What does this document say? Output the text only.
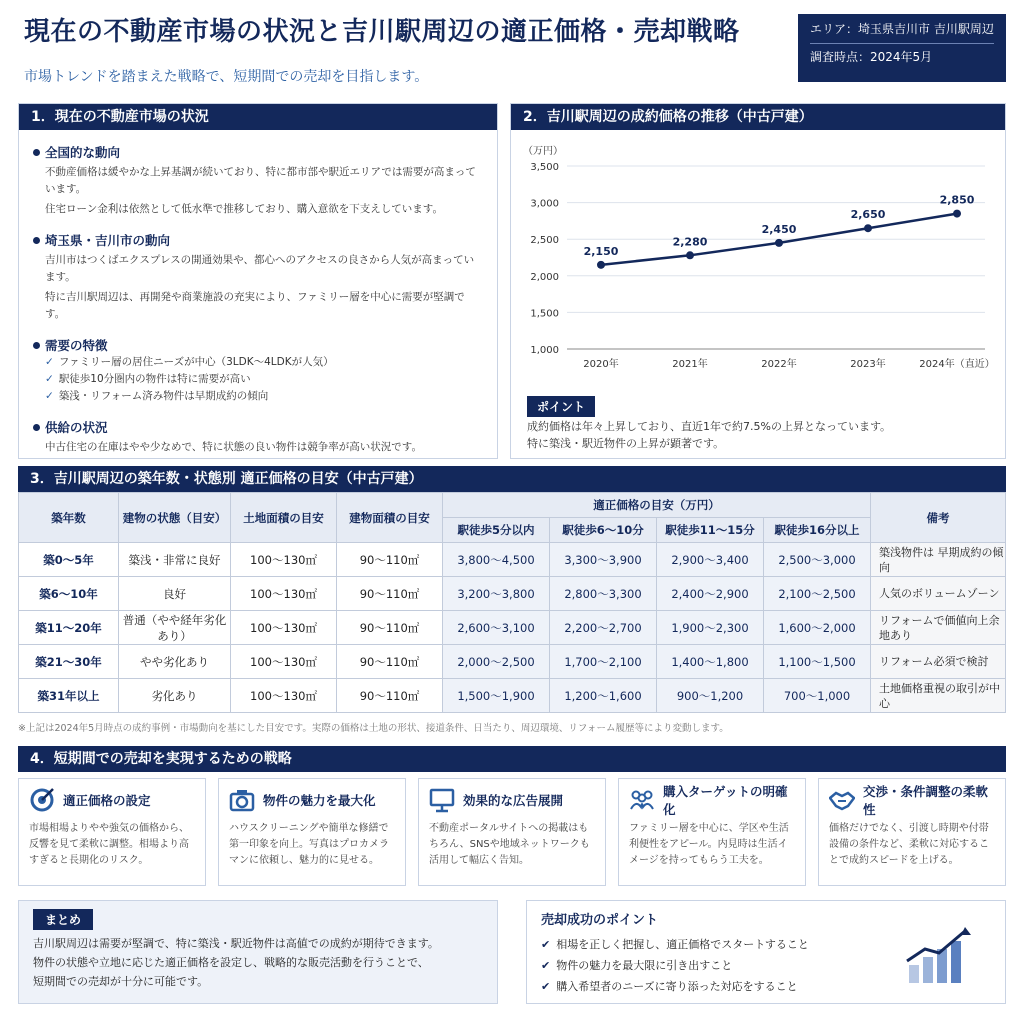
現在の不動産市場の状況と吉川駅周辺の適正価格・売却戦略
市場トレンドを踏まえた戦略で、短期間での売却を目指します。
エリア：埼玉県吉川市 吉川駅周辺
調査時点：2024年5月
1．現在の不動産市場の状況
全国的な動向
不動産価格は緩やかな上昇基調が続いており、特に都市部や駅近エリアでは需要が高まっています。
住宅ローン金利は依然として低水準で推移しており、購入意欲を下支えしています。
埼玉県・吉川市の動向
吉川市はつくばエクスプレスの開通効果や、都心へのアクセスの良さから人気が高まっています。
特に吉川駅周辺は、再開発や商業施設の充実により、ファミリー層を中心に需要が堅調です。
需要の特徴
✓ ファミリー層の居住ニーズが中心（3LDK～4LDKが人気）
✓ 駅徒歩10分圏内の物件は特に需要が高い
✓ 築浅・リフォーム済み物件は早期成約の傾向
供給の状況
中古住宅の在庫はやや少なめで、特に状態の良い物件は競争率が高い状況です。
2．吉川駅周辺の成約価格の推移（中古戸建）
（万円）
1,000
1,500
2,000
2,500
3,000
3,500
2020年	2021年	2022年	2023年	2024年（直近）
2,150
2,280
2,450
2,650
2,850
ポイント
成約価格は年々上昇しており、直近1年で約7.5%の上昇となっています。
特に築浅・駅近物件の上昇が顕著です。
3．吉川駅周辺の築年数・状態別 適正価格の目安（中古戸建）
築年数	建物の状態（目安）	土地面積の目安	建物面積の目安	適正価格の目安（万円）				備考
				駅徒歩5分以内	駅徒歩6～10分	駅徒歩11～15分	駅徒歩16分以上	
築0～5年	築浅・非常に良好	100～130㎡	90～110㎡	3,800～4,500	3,300～3,900	2,900～3,400	2,500～3,000	築浅物件は 早期成約の傾向
築6～10年	良好	100～130㎡	90～110㎡	3,200～3,800	2,800～3,300	2,400～2,900	2,100～2,500	人気のボリュームゾーン
築11～20年	普通（やや経年劣化あり）	100～130㎡	90～110㎡	2,600～3,100	2,200～2,700	1,900～2,300	1,600～2,000	リフォームで価値向上余地あり
築21～30年	やや劣化あり	100～130㎡	90～110㎡	2,000～2,500	1,700～2,100	1,400～1,800	1,100～1,500	リフォーム必須で検討
築31年以上	劣化あり	100～130㎡	90～110㎡	1,500～1,900	1,200～1,600	900～1,200	700～1,000	土地価格重視の取引が中心
※上記は2024年5月時点の成約事例・市場動向を基にした目安です。実際の価格は土地の形状、接道条件、日当たり、周辺環境、リフォーム履歴等により変動します。
4．短期間での売却を実現するための戦略
適正価格の設定
市場相場よりやや強気の価格から、反響を見て柔軟に調整。相場より高すぎると長期化のリスク。
物件の魅力を最大化
ハウスクリーニングや簡単な修繕で第一印象を向上。写真はプロカメラマンに依頼し、魅力的に見せる。
効果的な広告展開
不動産ポータルサイトへの掲載はもちろん、SNSや地域ネットワークも活用して幅広く告知。
購入ターゲットの明確化
ファミリー層を中心に、学区や生活利便性をアピール。内見時は生活イメージを持ってもらう工夫を。
交渉・条件調整の柔軟性
価格だけでなく、引渡し時期や付帯設備の条件など、柔軟に対応することで成約スピードを上げる。
まとめ
吉川駅周辺は需要が堅調で、特に築浅・駅近物件は高値での成約が期待できます。
物件の状態や立地に応じた適正価格を設定し、戦略的な販売活動を行うことで、
短期間での売却が十分に可能です。
売却成功のポイント
✔ 相場を正しく把握し、適正価格でスタートすること
✔ 物件の魅力を最大限に引き出すこと
✔ 購入希望者のニーズに寄り添った対応をすること
